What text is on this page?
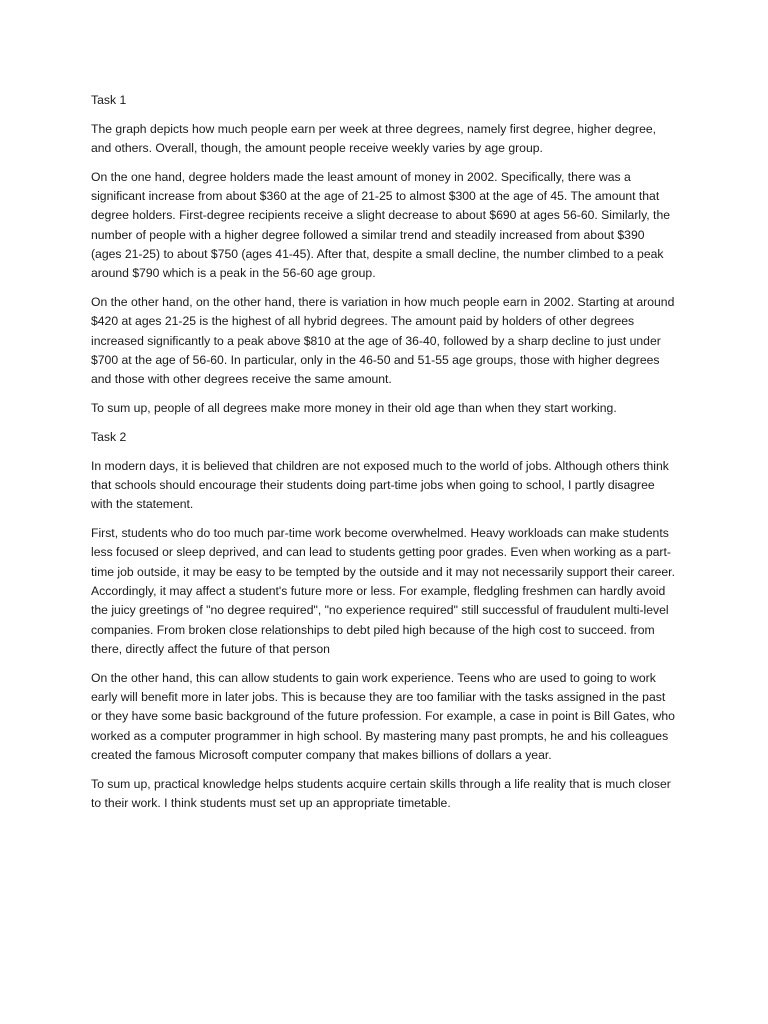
Task 1

The graph depicts how much people earn per week at three degrees, namely first degree, higher degree, and others. Overall, though, the amount people receive weekly varies by age group.

On the one hand, degree holders made the least amount of money in 2002. Specifically, there was a significant increase from about $360 at the age of 21-25 to almost $300 at the age of 45. The amount that degree holders. First-degree recipients receive a slight decrease to about $690 at ages 56-60. Similarly, the number of people with a higher degree followed a similar trend and steadily increased from about $390 (ages 21-25) to about $750 (ages 41-45). After that, despite a small decline, the number climbed to a peak around $790 which is a peak in the 56-60 age group.

On the other hand, on the other hand, there is variation in how much people earn in 2002. Starting at around $420 at ages 21-25 is the highest of all hybrid degrees. The amount paid by holders of other degrees increased significantly to a peak above $810 at the age of 36-40, followed by a sharp decline to just under $700 at the age of 56-60. In particular, only in the 46-50 and 51-55 age groups, those with higher degrees and those with other degrees receive the same amount.

To sum up, people of all degrees make more money in their old age than when they start working.

Task 2

In modern days, it is believed that children are not exposed much to the world of jobs. Although others think that schools should encourage their students doing part-time jobs when going to school, I partly disagree with the statement.

First, students who do too much par-time work become overwhelmed. Heavy workloads can make students less focused or sleep deprived, and can lead to students getting poor grades. Even when working as a part-time job outside, it may be easy to be tempted by the outside and it may not necessarily support their career. Accordingly, it may affect a student's future more or less. For example, fledgling freshmen can hardly avoid the juicy greetings of "no degree required", "no experience required" still successful of fraudulent multi-level companies. From broken close relationships to debt piled high because of the high cost to succeed. from there, directly affect the future of that person

On the other hand, this can allow students to gain work experience. Teens who are used to going to work early will benefit more in later jobs. This is because they are too familiar with the tasks assigned in the past or they have some basic background of the future profession. For example, a case in point is Bill Gates, who worked as a computer programmer in high school. By mastering many past prompts, he and his colleagues created the famous Microsoft computer company that makes billions of dollars a year.

To sum up, practical knowledge helps students acquire certain skills through a life reality that is much closer to their work. I think students must set up an appropriate timetable.
